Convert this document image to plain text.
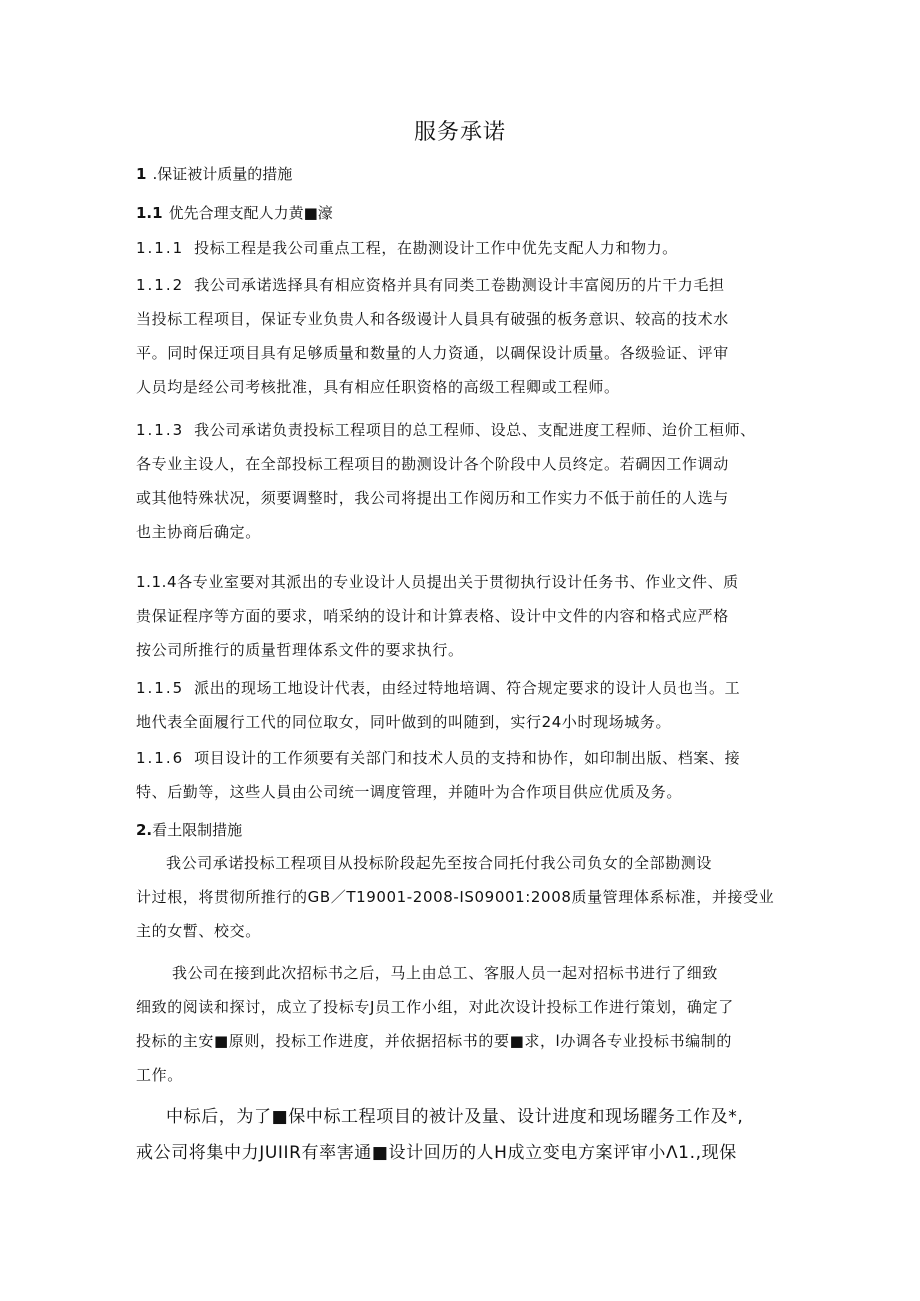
服务承诺
1 .保证被计质量的措施
1.1 优先合理支配人力黄■濠
1.1.1 投标工程是我公司重点工程，在勘测设计工作中优先支配人力和物力。
1.1.2 我公司承诺选择具有相应资格并具有同类工卷勘测设计丰富阅历的片干力毛担
当投标工程项目，保证专业负贵人和各级谩计人員具有破强的板务意识、较高的技术水
平。同时保迂项目具有足够质量和数量的人力资通，以碉保设计质量。各级验证、评审
人员均是经公司考核批准，具有相应任职资格的高级工程卿或工程师。
1.1.3 我公司承诺负责投标工程项目的总工程师、设总、支配进度工程师、迨价工桓师、
各专业主设人，在全部投标工程项目的勘测设计各个阶段中人员终定。若碉因工作调动
或其他特殊状况，须要调整时，我公司将提出工作阅历和工作实力不低于前任的人选与
也主协商后确定。
1.1.4各专业室要对其派出的专业设计人员提出关于贯彻执行设计任务书、作业文件、质
贵保证程序等方面的要求，哨采纳的设计和计算表格、设计中文件的内容和格式应严格
按公司所推行的质量哲理体系文件的要求执行。
1.1.5 派出的现场工地设计代表，由经过特地培调、符合规定要求的设计人员也当。工
地代表全面履行工代的同位取女，同叶做到的叫随到，实行24小时现场城务。
1.1.6 项目设计的工作须要有关部门和技术人员的支持和协作，如印制出版、档案、接
特、后勤等，这些人員由公司统一调度管理，并随叶为合作项目供应优质及务。
2.看土限制措施
我公司承诺投标工程项目从投标阶段起先至按合同托付我公司负女的全部勘测设
计过根，将贯彻所推行的GB／T19001-2008-IS09001:2008质量管理体系标准，并接受业
主的女暫、校交。
我公司在接到此次招标书之后，马上由总工、客服人员一起对招标书进行了细致
细致的阅读和探讨，成立了投标专J员工作小组，对此次设计投标工作进行策划，确定了
投标的主安■原则，投标工作进度，并依据招标书的要■求，l办调各专业投标书编制的
工作。
中标后，为了■保中标工程项目的被计及量、设计进度和现场矅务工作及*,
戒公司将集中力JUIIR有率害通■设计回历的人H成立变电方案评审小Λ1.,现保
